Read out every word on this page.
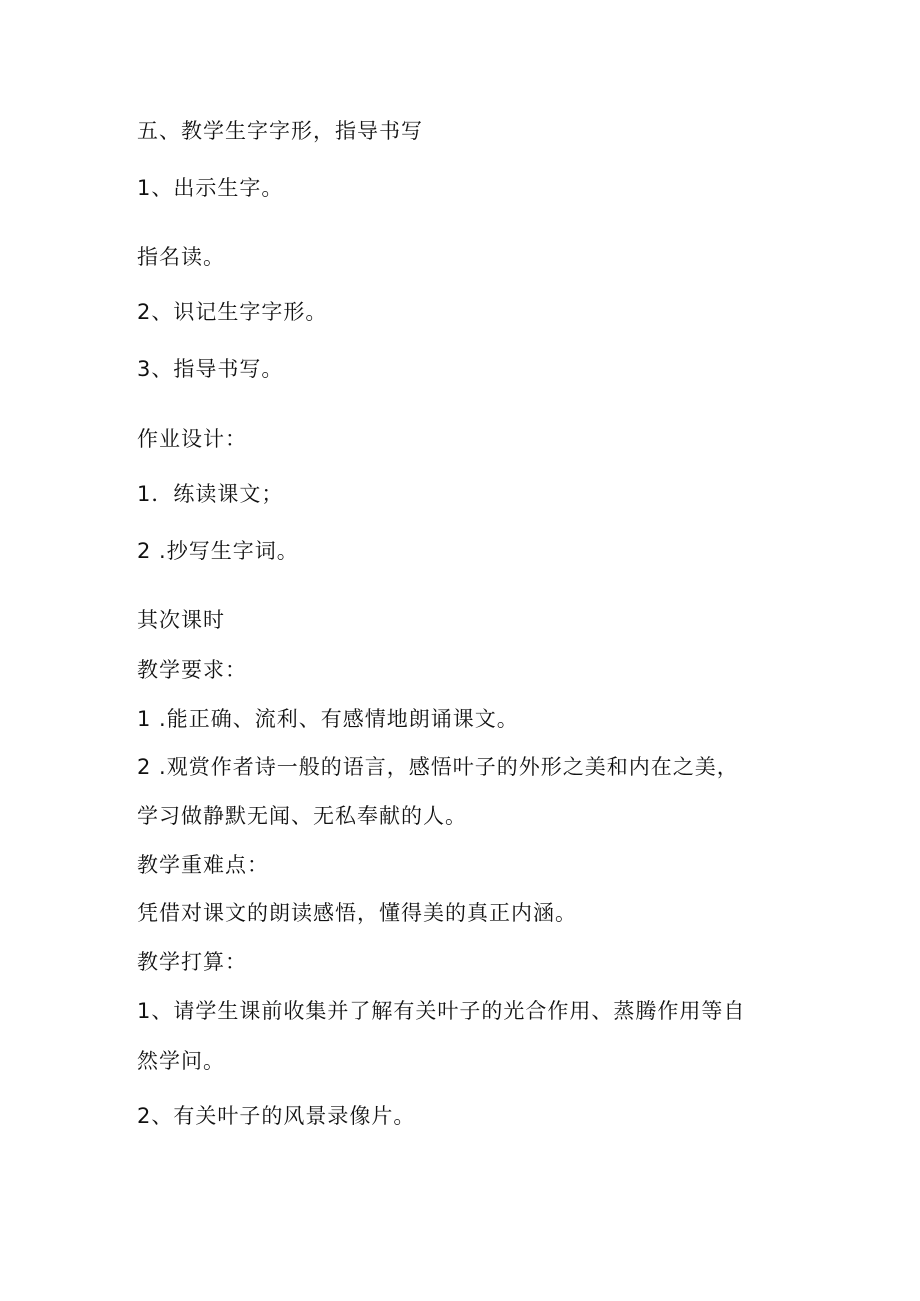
五、教学生字字形，指导书写
1、出示生字。
指名读。
2、识记生字字形。
3、指导书写。
作业设计：
1．练读课文；
2 .抄写生字词。
其次课时
教学要求：
1 .能正确、流利、有感情地朗诵课文。
2 .观赏作者诗一般的语言，感悟叶子的外形之美和内在之美，
学习做静默无闻、无私奉献的人。
教学重难点：
凭借对课文的朗读感悟，懂得美的真正内涵。
教学打算：
1、请学生课前收集并了解有关叶子的光合作用、蒸腾作用等自
然学问。
2、有关叶子的风景录像片。
